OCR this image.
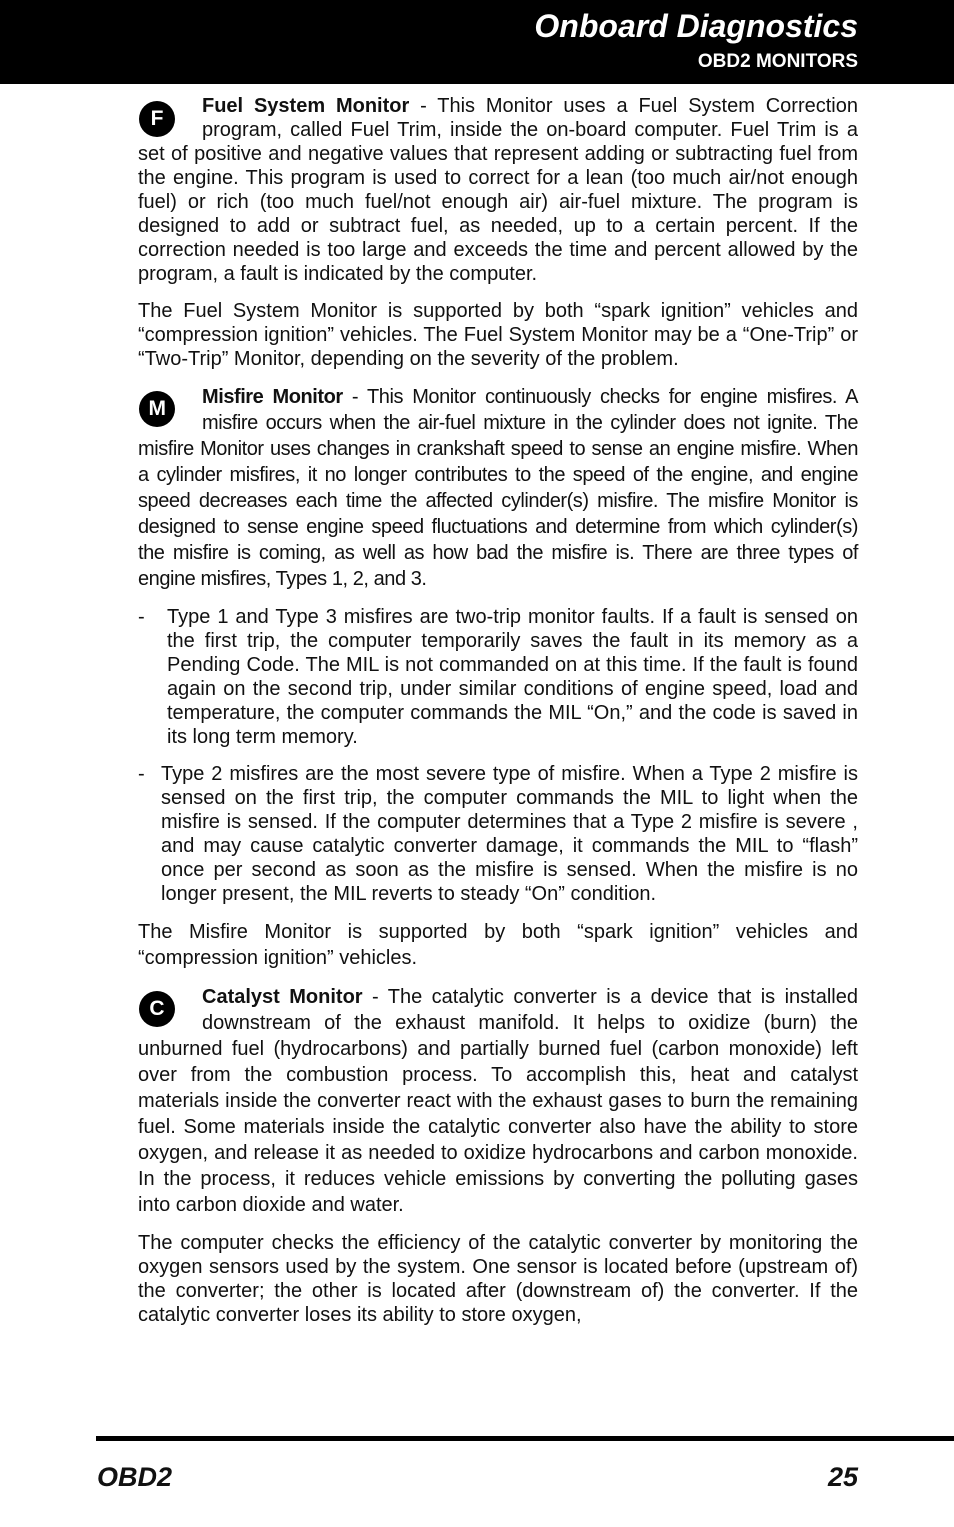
Onboard Diagnostics
OBD2 MONITORS

F
Fuel System Monitor - This Monitor uses a Fuel System Correction program, called Fuel Trim, inside the on-board computer. Fuel Trim is a set of positive and negative values that represent adding or subtracting fuel from the engine. This program is used to correct for a lean (too much air/not enough fuel) or rich (too much fuel/not enough air) air-fuel mixture. The program is designed to add or subtract fuel, as needed, up to a certain percent. If the correction needed is too large and exceeds the time and percent allowed by the program, a fault is indicated by the computer.

The Fuel System Monitor is supported by both “spark ignition” vehicles and “compression ignition” vehicles. The Fuel System Monitor may be a “One-Trip” or “Two-Trip” Monitor, depending on the severity of the problem.

M	Misfire Monitor - This Monitor continuously checks for engine misfires. A misfire occurs when the air-fuel mixture in the cylinder does not ignite. The misfire Monitor uses changes in crankshaft speed to sense an engine misfire. When a cylinder misfires, it no longer contributes to the speed of the engine, and engine speed decreases each time the affected cylinder(s) misfire. The misfire Monitor is designed to sense engine speed fluctuations and determine from which cylinder(s) the misfire is coming, as well as how bad the misfire is. There are three types of engine misfires, Types 1, 2, and 3.

-	Type 1 and Type 3 misfires are two-trip monitor faults. If a fault is sensed on the first trip, the computer temporarily saves the fault in its memory as a Pending Code. The MIL is not commanded on at this time. If the fault is found again on the second trip, under similar conditions of engine speed, load and temperature, the computer commands the MIL “On,” and the code is saved in its long term memory.
- Type 2 misfires are the most severe type of misfire. When a Type 2 misfire is sensed on the first trip, the computer commands the MIL to light when the misfire is sensed. If the computer determines that a Type 2 misfire is severe , and may cause catalytic converter damage, it commands the MIL to “flash” once per second as soon as the misfire is sensed. When the misfire is no longer present, the MIL reverts to steady “On” condition.

The Misfire Monitor is supported by both “spark ignition” vehicles and “compression ignition” vehicles.

C	Catalyst Monitor - The catalytic converter is a device that is installed downstream of the exhaust manifold. It helps to oxidize (burn) the unburned fuel (hydrocarbons) and partially burned fuel (carbon monoxide) left over from the combustion process. To accomplish this, heat and catalyst materials inside the converter react with the exhaust gases to burn the remaining fuel. Some materials inside the catalytic converter also have the ability to store oxygen, and release it as needed to oxidize hydrocarbons and carbon monoxide. In the process, it reduces vehicle emissions by converting the polluting gases into carbon dioxide and water.

The computer checks the efficiency of the catalytic converter by monitoring the oxygen sensors used by the system. One sensor is located before (upstream of) the converter; the other is located after (downstream of) the converter. If the catalytic converter loses its ability to store oxygen,

OBD2	25
